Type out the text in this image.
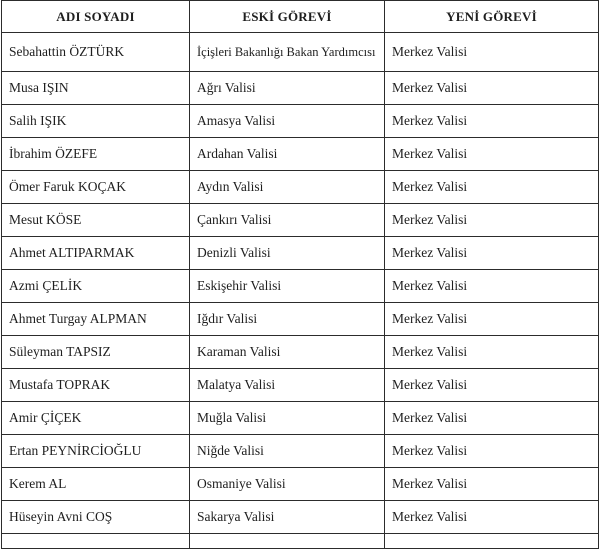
ADI SOYADI	ESKİ GÖREVİ	YENİ GÖREVİ
Sebahattin ÖZTÜRK	İçişleri Bakanlığı Bakan Yardımcısı	Merkez Valisi
Musa IŞIN	Ağrı Valisi	Merkez Valisi
Salih IŞIK	Amasya Valisi	Merkez Valisi
İbrahim ÖZEFE	Ardahan Valisi	Merkez Valisi
Ömer Faruk KOÇAK	Aydın Valisi	Merkez Valisi
Mesut KÖSE	Çankırı Valisi	Merkez Valisi
Ahmet ALTIPARMAK	Denizli Valisi	Merkez Valisi
Azmi ÇELİK	Eskişehir Valisi	Merkez Valisi
Ahmet Turgay ALPMAN	Iğdır Valisi	Merkez Valisi
Süleyman TAPSIZ	Karaman Valisi	Merkez Valisi
Mustafa TOPRAK	Malatya Valisi	Merkez Valisi
Amir ÇİÇEK	Muğla Valisi	Merkez Valisi
Ertan PEYNİRCİOĞLU	Niğde Valisi	Merkez Valisi
Kerem AL	Osmaniye Valisi	Merkez Valisi
Hüseyin Avni COŞ	Sakarya Valisi	Merkez Valisi
